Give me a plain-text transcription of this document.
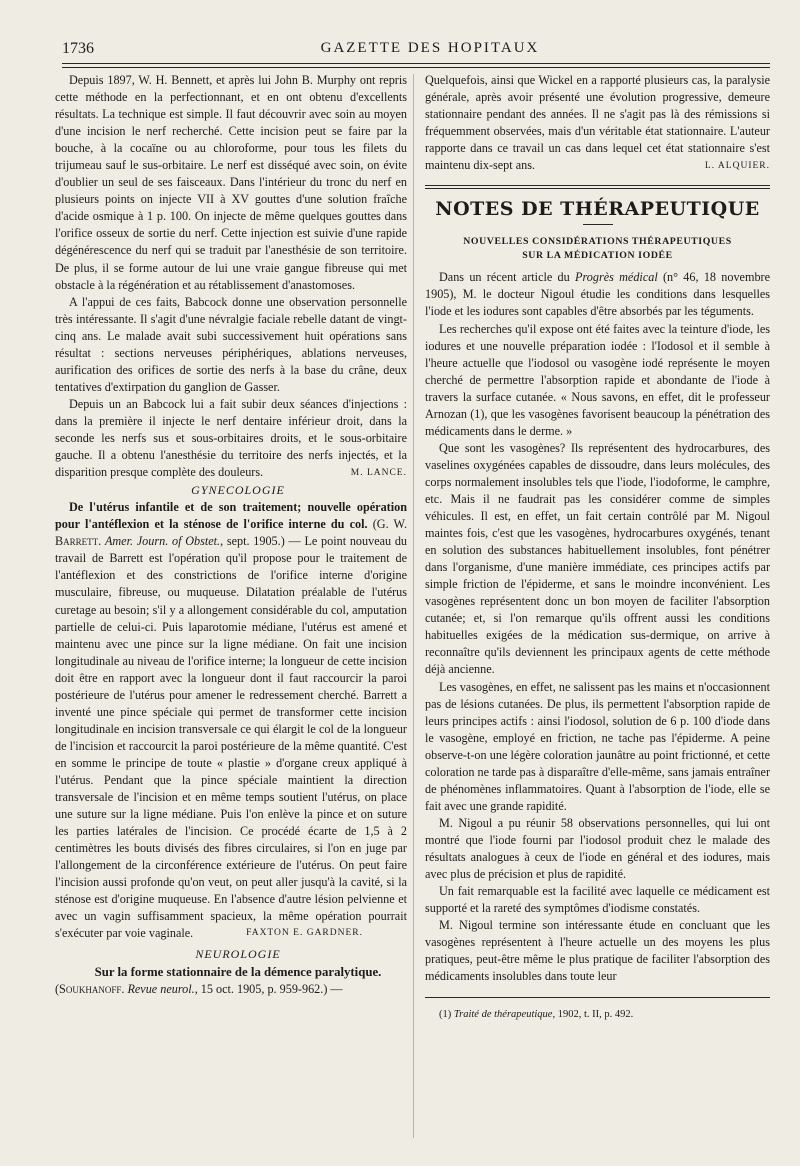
1736	GAZETTE DES HOPITAUX

Depuis 1897, W. H. Bennett, et après lui John B. Murphy ont repris cette méthode en la perfectionnant, et en ont obtenu d'excellents résultats. La technique est simple. Il faut découvrir avec soin au moyen d'une incision le nerf recherché. Cette incision peut se faire par la bouche, à la cocaïne ou au chloroforme, pour tous les filets du trijumeau sauf le sus-orbitaire. Le nerf est disséqué avec soin, on évite d'oublier un seul de ses faisceaux. Dans l'intérieur du tronc du nerf en plusieurs points on injecte VII à XV gouttes d'une solution fraîche d'acide osmique à 1 p. 100. On injecte de même quelques gouttes dans l'orifice osseux de sortie du nerf. Cette injection est suivie d'une rapide dégénérescence du nerf qui se traduit par l'anesthésie de son territoire. De plus, il se forme autour de lui une vraie gangue fibreuse qui met obstacle à la régénération et au rétablissement d'anastomoses.

A l'appui de ces faits, Babcock donne une observation personnelle très intéressante. Il s'agit d'une névralgie faciale rebelle datant de vingt-cinq ans. Le malade avait subi successivement huit opérations sans résultat : sections nerveuses périphériques, ablations nerveuses, aurification des orifices de sortie des nerfs à la base du crâne, deux tentatives d'extirpation du ganglion de Gasser.

Depuis un an Babcock lui a fait subir deux séances d'injections : dans la première il injecte le nerf dentaire inférieur droit, dans la seconde les nerfs sus et sous-orbitaires droits, et le sous-orbitaire gauche. Il a obtenu l'anesthésie du territoire des nerfs injectés, et la disparition presque complète des douleurs.	M. LANCE.

GYNECOLOGIE

De l'utérus infantile et de son traitement; nouvelle opération pour l'antéflexion et la sténose de l'orifice interne du col. (G. W. Barrett. Amer. Journ. of Obstet., sept. 1905.) — Le point nouveau du travail de Barrett est l'opération qu'il propose pour le traitement de l'antéflexion et des constrictions de l'orifice interne d'origine musculaire, fibreuse, ou muqueuse. Dilatation préalable de l'utérus curetage au besoin; s'il y a allongement considérable du col, amputation partielle de celui-ci. Puis laparotomie médiane, l'utérus est amené et maintenu avec une pince sur la ligne médiane. On fait une incision longitudinale au niveau de l'orifice interne; la longueur de cette incision doit être en rapport avec la longueur dont il faut raccourcir la paroi postérieure de l'utérus pour amener le redressement cherché. Barrett a inventé une pince spéciale qui permet de transformer cette incision longitudinale en incision transversale ce qui élargit le col de la longueur de l'incision et raccourcit la paroi postérieure de la même quantité. C'est en somme le principe de toute « plastie » d'organe creux appliqué à l'utérus. Pendant que la pince spéciale maintient la direction transversale de l'incision et en même temps soutient l'utérus, on place une suture sur la ligne médiane. Puis l'on enlève la pince et on suture les parties latérales de l'incision. Ce procédé écarte de 1,5 à 2 centimètres les bouts divisés des fibres circulaires, si l'on en juge par l'allongement de la circonférence extérieure de l'utérus. On peut faire l'incision aussi profonde qu'on veut, on peut aller jusqu'à la cavité, si la sténose est d'origine muqueuse. En l'absence d'autre lésion pelvienne et avec un vagin suffisamment spacieux, la même opération pourrait s'exécuter par voie vaginale.	FAXTON E. GARDNER.

NEUROLOGIE

Sur la forme stationnaire de la démence paralytique.

(Soukhanoff. Revue neurol., 15 oct. 1905, p. 959-962.) —

Quelquefois, ainsi que Wickel en a rapporté plusieurs cas, la paralysie générale, après avoir présenté une évolution progressive, demeure stationnaire pendant des années. Il ne s'agit pas là des rémissions si fréquemment observées, mais d'un véritable état stationnaire. L'auteur rapporte dans ce travail un cas dans lequel cet état stationnaire s'est maintenu dix-sept ans.	L. ALQUIER.
NOTES DE THÉRAPEUTIQUE
NOUVELLES CONSIDÉRATIONS THÉRAPEUTIQUES
SUR LA MÉDICATION IODÉE

Dans un récent article du Progrès médical (n° 46, 18 novembre 1905), M. le docteur Nigoul étudie les conditions dans lesquelles l'iode et les iodures sont capables d'être absorbés par les téguments.

Les recherches qu'il expose ont été faites avec la teinture d'iode, les iodures et une nouvelle préparation iodée : l'Iodosol et il semble à l'heure actuelle que l'iodosol ou vasogène iodé représente le moyen cherché de permettre l'absorption rapide et abondante de l'iode à travers la surface cutanée. « Nous savons, en effet, dit le professeur Arnozan (1), que les vasogènes favorisent beaucoup la pénétration des médicaments dans le derme. »

Que sont les vasogènes? Ils représentent des hydrocarbures, des vaselines oxygénées capables de dissoudre, dans leurs molécules, des corps normalement insolubles tels que l'iode, l'iodoforme, le camphre, etc. Mais il ne faudrait pas les considérer comme de simples véhicules. Il est, en effet, un fait certain contrôlé par M. Nigoul maintes fois, c'est que les vasogènes, hydrocarbures oxygénés, tenant en solution des substances habituellement insolubles, font pénétrer dans l'organisme, d'une manière immédiate, ces principes actifs par simple friction de l'épiderme, et sans le moindre inconvénient. Les vasogènes représentent donc un bon moyen de faciliter l'absorption cutanée; et, si l'on remarque qu'ils offrent aussi les conditions habituelles exigées de la médication sus-dermique, on arrive à reconnaître qu'ils deviennent les principaux agents de cette méthode déjà ancienne.

Les vasogènes, en effet, ne salissent pas les mains et n'occasionnent pas de lésions cutanées. De plus, ils permettent l'absorption rapide de leurs principes actifs : ainsi l'iodosol, solution de 6 p. 100 d'iode dans le vasogène, employé en friction, ne tache pas l'épiderme. A peine observe-t-on une légère coloration jaunâtre au point frictionné, et cette coloration ne tarde pas à disparaître d'elle-même, sans jamais entraîner de phénomènes inflammatoires. Quant à l'absorption de l'iode, elle se fait avec une grande rapidité.

M. Nigoul a pu réunir 58 observations personnelles, qui lui ont montré que l'iode fourni par l'iodosol produit chez le malade des résultats analogues à ceux de l'iode en général et des iodures, mais avec plus de précision et plus de rapidité.

Un fait remarquable est la facilité avec laquelle ce médicament est supporté et la rareté des symptômes d'iodisme constatés.

M. Nigoul termine son intéressante étude en concluant que les vasogènes représentent à l'heure actuelle un des moyens les plus pratiques, peut-être même le plus pratique de faciliter l'absorption des médicaments insolubles dans toute leur

(1) Traité de thérapeutique, 1902, t. II, p. 492.
